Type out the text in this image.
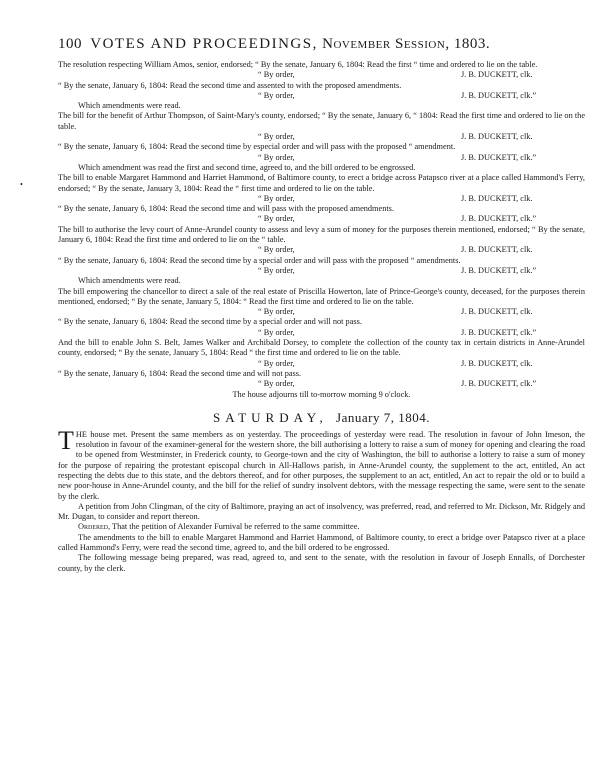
•
100 VOTES AND PROCEEDINGS, November Session, 1803.
The resolution respecting William Amos, senior, endorsed; “ By the senate, January 6, 1804: Read the first “ time and ordered to lie on the table.
“ By order,	J. B. DUCKETT, clk.
“ By the senate, January 6, 1804: Read the second time and assented to with the proposed amendments.
“ By order,	J. B. DUCKETT, clk.”
Which amendments were read.
The bill for the benefit of Arthur Thompson, of Saint-Mary's county, endorsed; “ By the senate, January 6, “ 1804: Read the first time and ordered to lie on the table.
“ By order,	J. B. DUCKETT, clk.
“ By the senate, January 6, 1804: Read the second time by especial order and will pass with the proposed “ amendment.
“ By order,	J. B. DUCKETT, clk.”
Which amendment was read the first and second time, agreed to, and the bill ordered to be engrossed.
The bill to enable Margaret Hammond and Harriet Hammond, of Baltimore county, to erect a bridge across Patapsco river at a place called Hammond's Ferry, endorsed; “ By the senate, January 3, 1804: Read the “ first time and ordered to lie on the table.
“ By order,	J. B. DUCKETT, clk.
“ By the senate, January 6, 1804: Read the second time and will pass with the proposed amendments.
“ By order,	J. B. DUCKETT, clk.”
The bill to authorise the levy court of Anne-Arundel county to assess and levy a sum of money for the purposes therein mentioned, endorsed; “ By the senate, January 6, 1804: Read the first time and ordered to lie on the “ table.
“ By order,	J. B. DUCKETT, clk.
“ By the senate, January 6, 1804: Read the second time by a special order and will pass with the proposed “ amendments.
“ By order,	J. B. DUCKETT, clk.”
Which amendments were read.
The bill empowering the chancellor to direct a sale of the real estate of Priscilla Howerton, late of Prince-George's county, deceased, for the purposes therein mentioned, endorsed; “ By the senate, January 5, 1804: “ Read the first time and ordered to lie on the table.
“ By order,	J. B. DUCKETT, clk.
“ By the senate, January 6, 1804: Read the second time by a special order and will not pass.
“ By order,	J. B. DUCKETT, clk.”
And the bill to enable John S. Belt, James Walker and Archibald Dorsey, to complete the collection of the county tax in certain districts in Anne-Arundel county, endorsed; “ By the senate, January 5, 1804: Read “ the first time and ordered to lie on the table.
“ By order,	J. B. DUCKETT, clk.
“ By the senate, January 6, 1804: Read the second time and will not pass.
“ By order,	J. B. DUCKETT, clk.”
The house adjourns till to-morrow morning 9 o'clock.
SATURDAY, January 7, 1804.
T HE house met. Present the same members as on yesterday. The proceedings of yesterday were read. The resolution in favour of John Imeson, the resolution in favour of the examiner-general for the western shore, the bill authorising a lottery to raise a sum of money for opening and clearing the road to be opened from Westminster, in Frederick county, to George-town and the city of Washington, the bill to authorise a lottery to raise a sum of money for the purpose of repairing the protestant episcopal church in All-Hallows parish, in Anne-Arundel county, the supplement to the act, entitled, An act respecting the debts due to this state, and the debtors thereof, and for other purposes, the supplement to an act, entitled, An act to repair the old or to build a new poor-house in Anne-Arundel county, and the bill for the relief of sundry insolvent debtors, with the message respecting the same, were sent to the senate by the clerk.
A petition from John Clingman, of the city of Baltimore, praying an act of insolvency, was preferred, read, and referred to Mr. Dickson, Mr. Ridgely and Mr. Dugan, to consider and report thereon.
Ordered, That the petition of Alexander Furnival be referred to the same committee.
The amendments to the bill to enable Margaret Hammond and Harriet Hammond, of Baltimore county, to erect a bridge over Patapsco river at a place called Hammond's Ferry, were read the second time, agreed to, and the bill ordered to be engrossed.
The following message being prepared, was read, agreed to, and sent to the senate, with the resolution in favour of Joseph Ennalls, of Dorchester county, by the clerk.
